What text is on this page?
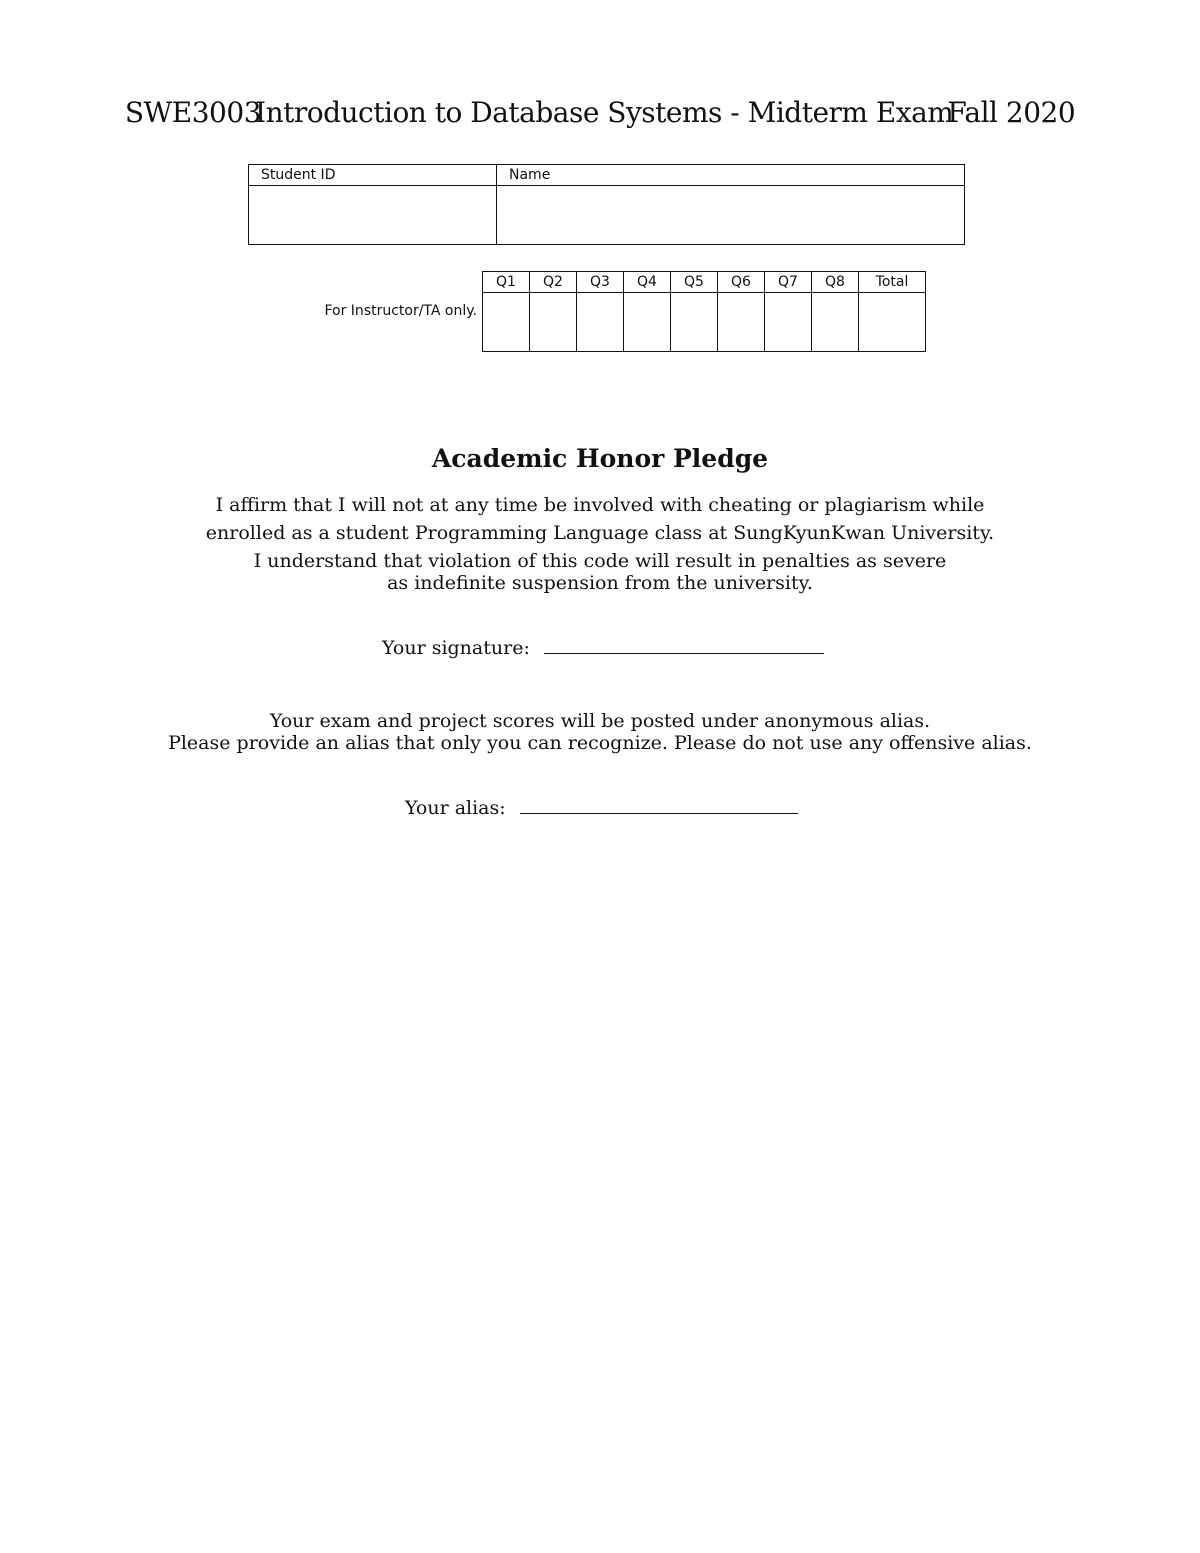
SWE3003Introduction to Database Systems - Midterm ExamFall 2020
Student ID	Name

For Instructor/TA only.
Q1	Q2	Q3	Q4	Q5	Q6	Q7	Q8	Total

Academic Honor Pledge
I affirm that I will not at any time be involved with cheating or plagiarism while
enrolled as a student Programming Language class at SungKyunKwan University.
I understand that violation of this code will result in penalties as severe
as indefinite suspension from the university.
Your signature:
Your exam and project scores will be posted under anonymous alias.
Please provide an alias that only you can recognize. Please do not use any offensive alias.
Your alias:
